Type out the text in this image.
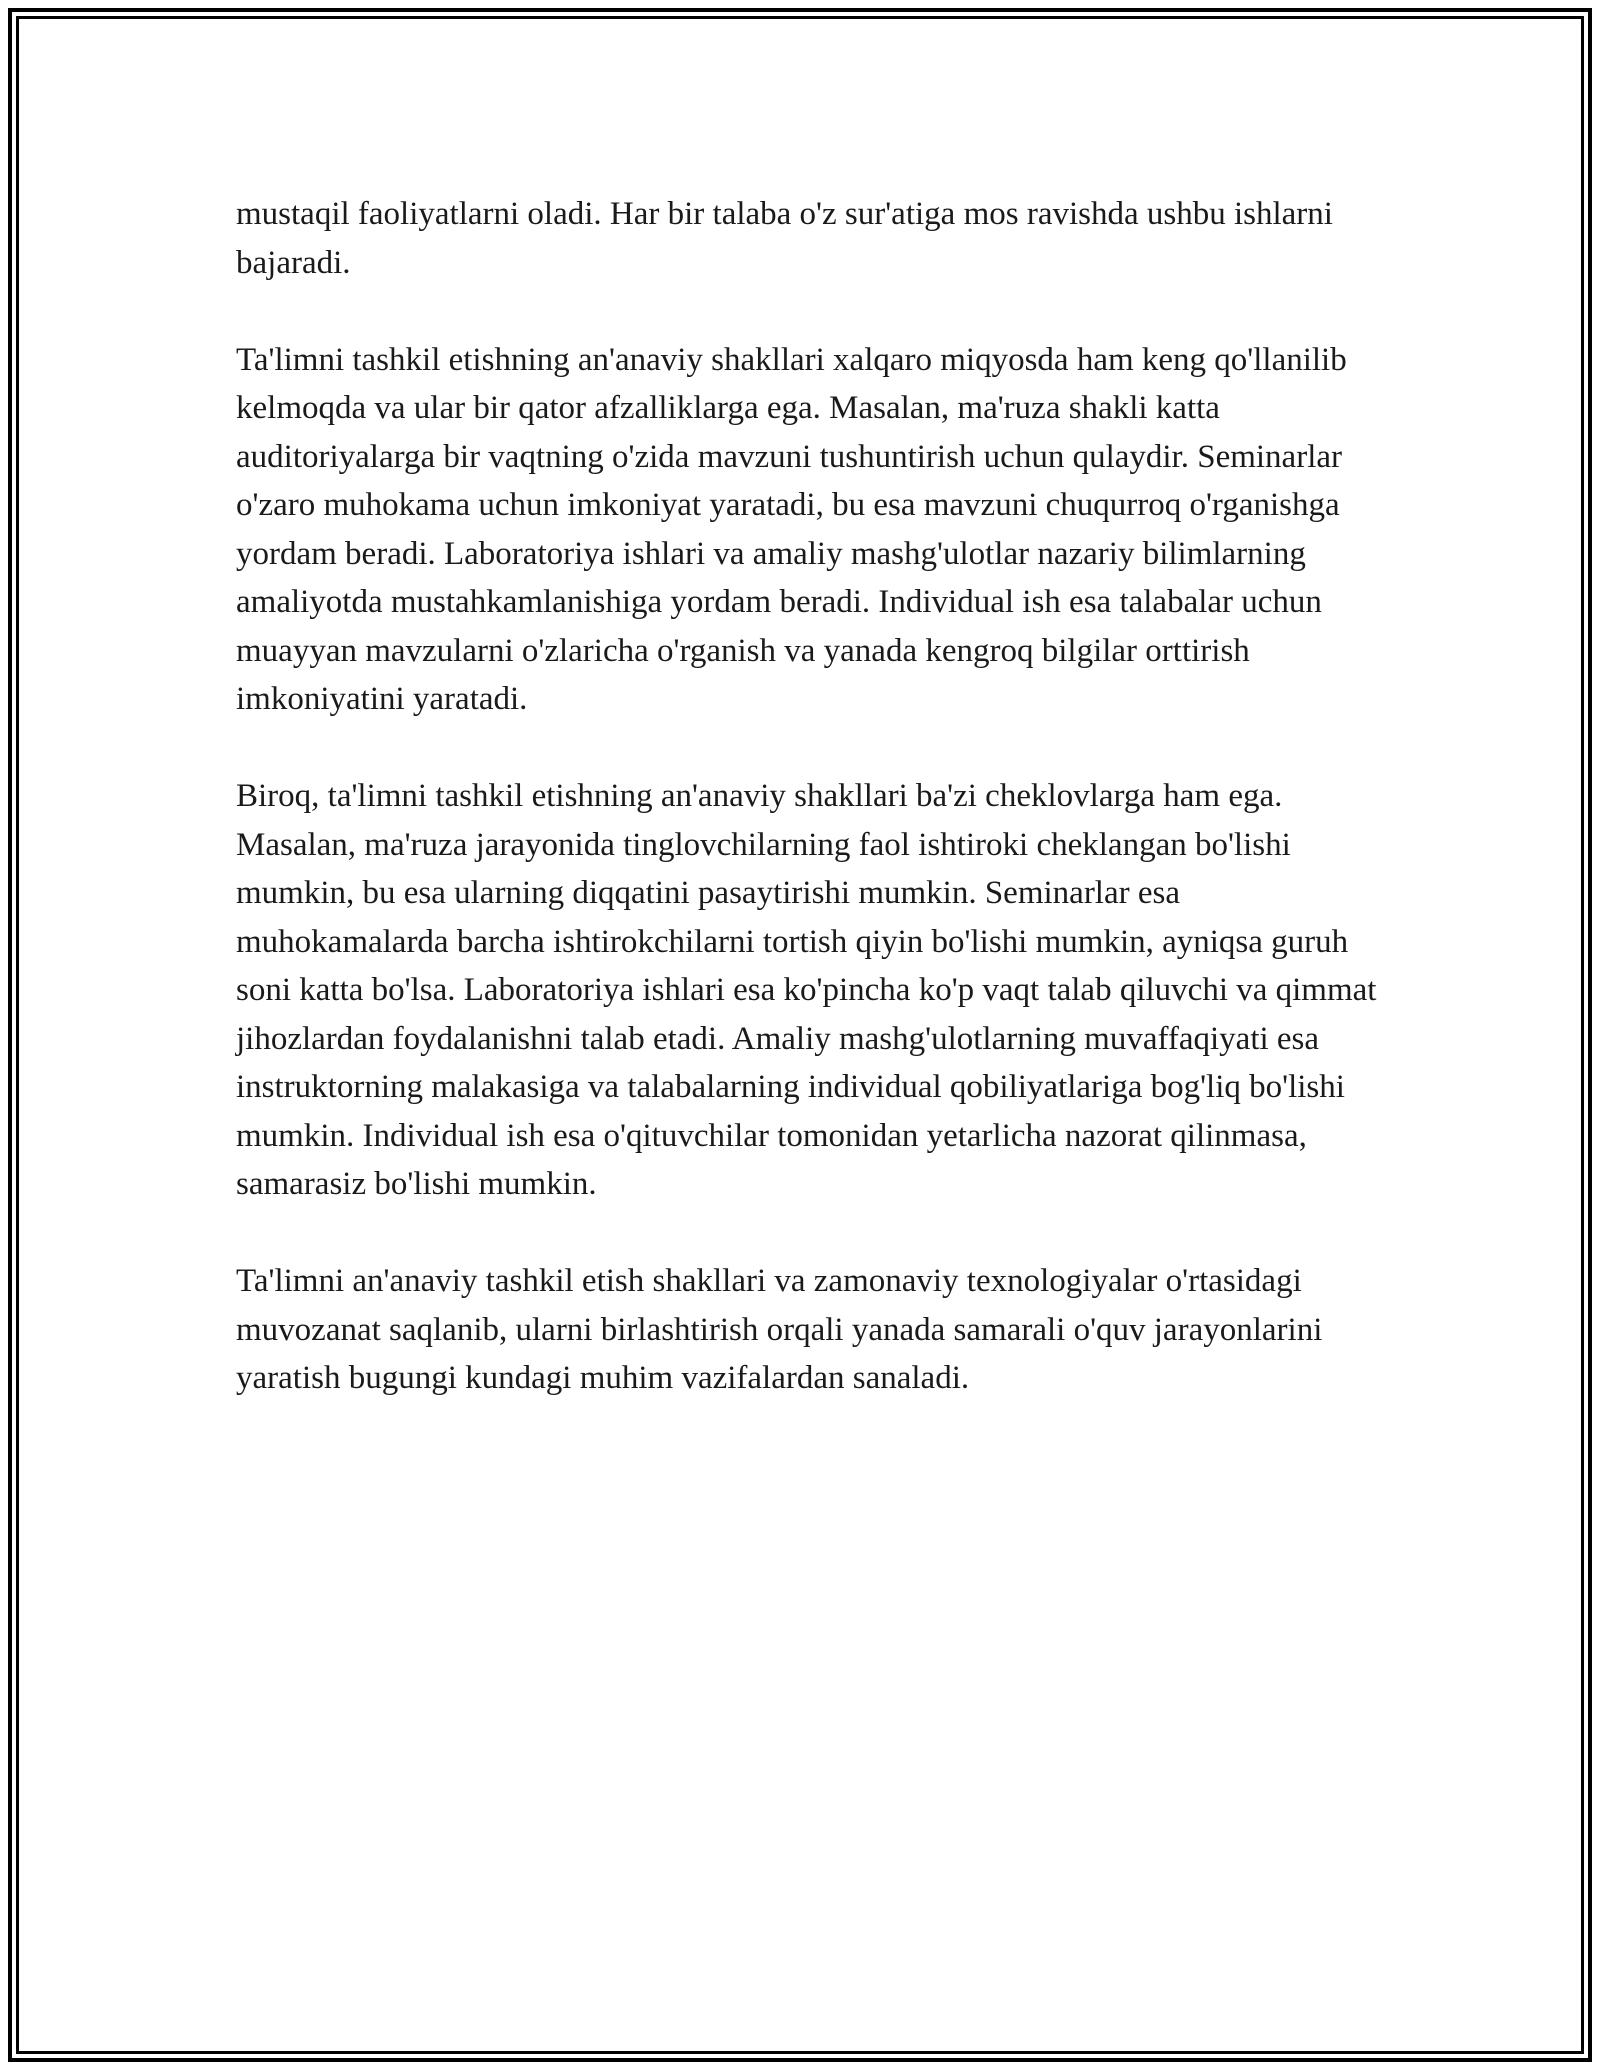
mustaqil faoliyatlarni oladi. Har bir talaba o'z sur'atiga mos ravishda ushbu ishlarni bajaradi.

Ta'limni tashkil etishning an'anaviy shakllari xalqaro miqyosda ham keng qo'llanilib kelmoqda va ular bir qator afzalliklarga ega. Masalan, ma'ruza shakli katta auditoriyalarga bir vaqtning o'zida mavzuni tushuntirish uchun qulaydir. Seminarlar o'zaro muhokama uchun imkoniyat yaratadi, bu esa mavzuni chuqurroq o'rganishga yordam beradi. Laboratoriya ishlari va amaliy mashg'ulotlar nazariy bilimlarning amaliyotda mustahkamlanishiga yordam beradi. Individual ish esa talabalar uchun muayyan mavzularni o'zlaricha o'rganish va yanada kengroq bilgilar orttirish imkoniyatini yaratadi.

Biroq, ta'limni tashkil etishning an'anaviy shakllari ba'zi cheklovlarga ham ega. Masalan, ma'ruza jarayonida tinglovchilarning faol ishtiroki cheklangan bo'lishi mumkin, bu esa ularning diqqatini pasaytirishi mumkin. Seminarlar esa muhokamalarda barcha ishtirokchilarni tortish qiyin bo'lishi mumkin, ayniqsa guruh soni katta bo'lsa. Laboratoriya ishlari esa ko'pincha ko'p vaqt talab qiluvchi va qimmat jihozlardan foydalanishni talab etadi. Amaliy mashg'ulotlarning muvaffaqiyati esa instruktorning malakasiga va talabalarning individual qobiliyatlariga bog'liq bo'lishi mumkin. Individual ish esa o'qituvchilar tomonidan yetarlicha nazorat qilinmasa, samarasiz bo'lishi mumkin.

Ta'limni an'anaviy tashkil etish shakllari va zamonaviy texnologiyalar o'rtasidagi muvozanat saqlanib, ularni birlashtirish orqali yanada samarali o'quv jarayonlarini yaratish bugungi kundagi muhim vazifalardan sanaladi.
